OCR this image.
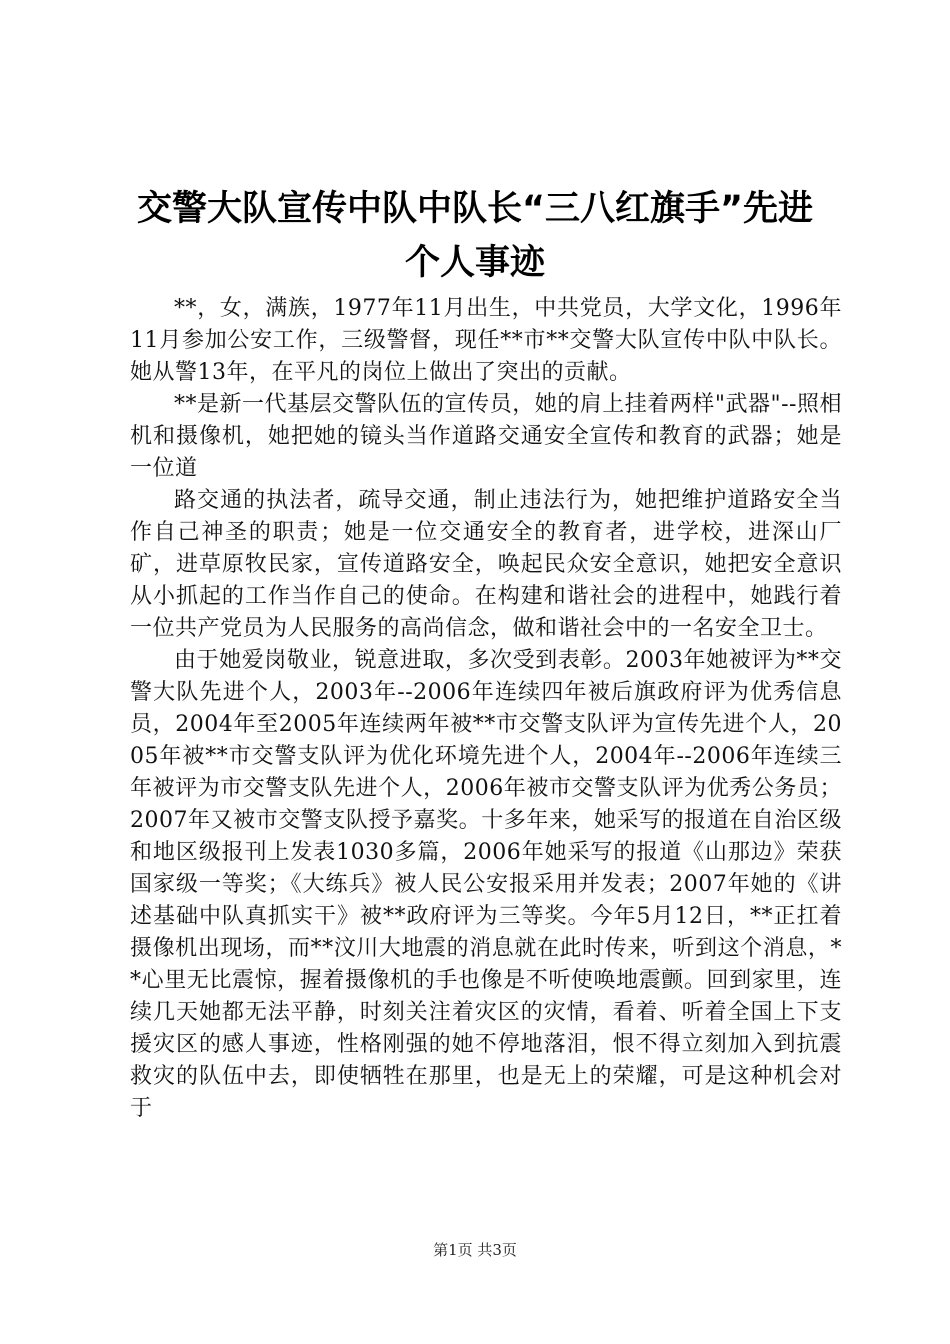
交警大队宣传中队中队长“三八红旗手”先进
个人事迹

**，女，满族，1977年11月出生，中共党员，大学文化，1996年11月参加公安工作，三级警督，现任**市**交警大队宣传中队中队长。她从警13年，在平凡的岗位上做出了突出的贡献。

**是新一代基层交警队伍的宣传员，她的肩上挂着两样"武器"--照相机和摄像机，她把她的镜头当作道路交通安全宣传和教育的武器；她是一位道

路交通的执法者，疏导交通，制止违法行为，她把维护道路安全当作自己神圣的职责；她是一位交通安全的教育者，进学校，进深山厂矿，进草原牧民家，宣传道路安全，唤起民众安全意识，她把安全意识从小抓起的工作当作自己的使命。在构建和谐社会的进程中，她践行着一位共产党员为人民服务的高尚信念，做和谐社会中的一名安全卫士。

由于她爱岗敬业，锐意进取，多次受到表彰。2003年她被评为**交警大队先进个人，2003年--2006年连续四年被后旗政府评为优秀信息员，2004年至2005年连续两年被**市交警支队评为宣传先进个人，2005年被**市交警支队评为优化环境先进个人，2004年--2006年连续三年被评为市交警支队先进个人，2006年被市交警支队评为优秀公务员；2007年又被市交警支队授予嘉奖。十多年来，她采写的报道在自治区级和地区级报刊上发表1030多篇，2006年她采写的报道《山那边》荣获国家级一等奖；《大练兵》被人民公安报采用并发表；2007年她的《讲述基础中队真抓实干》被**政府评为三等奖。今年5月12日，**正扛着摄像机出现场，而**汶川大地震的消息就在此时传来，听到这个消息，**心里无比震惊，握着摄像机的手也像是不听使唤地震颤。回到家里，连续几天她都无法平静，时刻关注着灾区的灾情，看着、听着全国上下支援灾区的感人事迹，性格刚强的她不停地落泪，恨不得立刻加入到抗震救灾的队伍中去，即使牺牲在那里，也是无上的荣耀，可是这种机会对于

第1页 共3页
